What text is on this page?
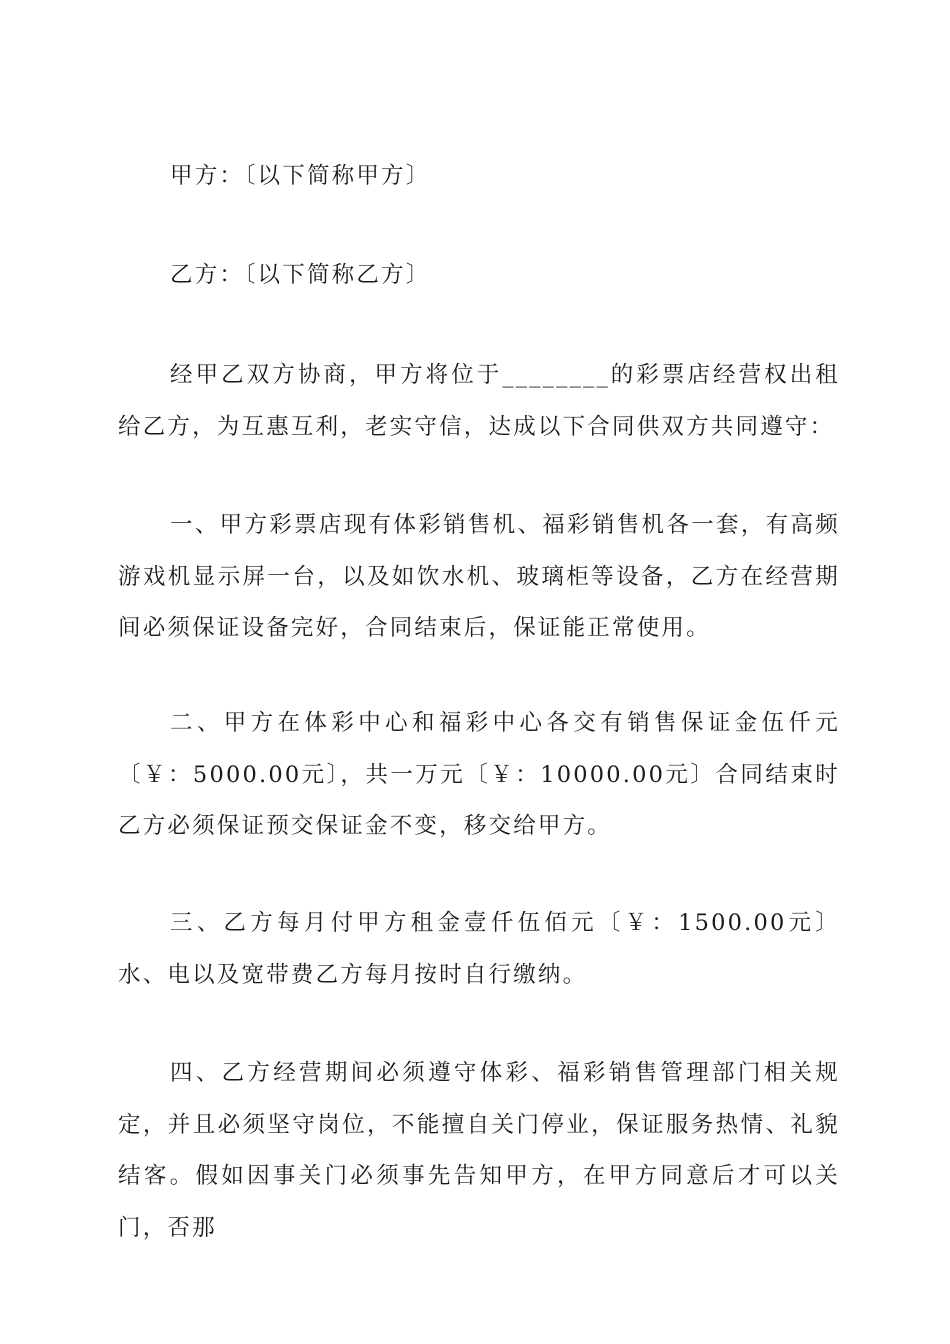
甲方：〔以下简称甲方〕

乙方：〔以下简称乙方〕

经甲乙双方协商，甲方将位于________的彩票店经营权出租给乙方，为互惠互利，老实守信，达成以下合同供双方共同遵守：

一、甲方彩票店现有体彩销售机、福彩销售机各一套，有高频游戏机显示屏一台，以及如饮水机、玻璃柜等设备，乙方在经营期间必须保证设备完好，合同结束后，保证能正常使用。

二、甲方在体彩中心和福彩中心各交有销售保证金伍仟元〔￥：5000.00元〕，共一万元〔￥：10000.00元〕合同结束时乙方必须保证预交保证金不变，移交给甲方。

三、乙方每月付甲方租金壹仟伍佰元〔￥：1500.00元〕水、电以及宽带费乙方每月按时自行缴纳。

四、乙方经营期间必须遵守体彩、福彩销售管理部门相关规定，并且必须坚守岗位，不能擅自关门停业，保证服务热情、礼貌结客。假如因事关门必须事先告知甲方，在甲方同意后才可以关门，否那
